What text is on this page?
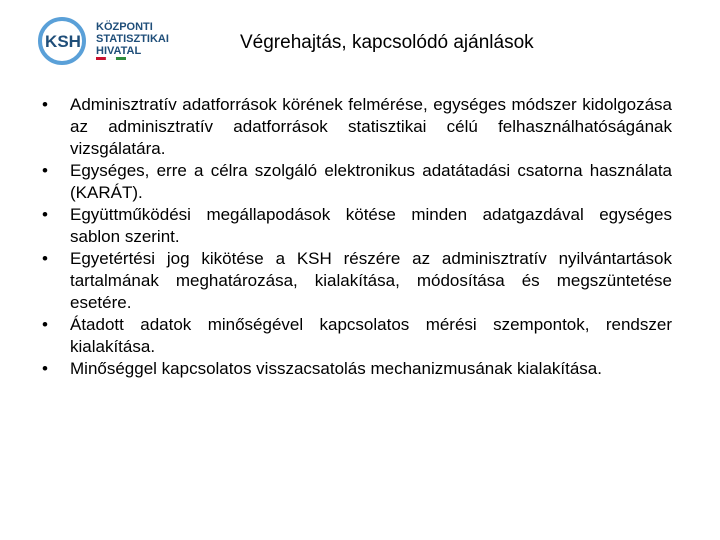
KSH
KÖZPONTI
STATISZTIKAI
HIVATAL	Végrehajtás, kapcsolódó ajánlások
•	Adminisztratív adatforrások körének felmérése, egységes módszer kidolgozása az adminisztratív adatforrások statisztikai célú felhasználhatóságának vizsgálatára.
•	Egységes, erre a célra szolgáló elektronikus adatátadási csatorna használata (KARÁT).
•	Együttműködési megállapodások kötése minden adatgazdával egységes sablon szerint.
•	Egyetértési jog kikötése a KSH részére az adminisztratív nyilvántartások tartalmának meghatározása, kialakítása, módosítása és megszüntetése esetére.
•	Átadott adatok minőségével kapcsolatos mérési szempontok, rendszer kialakítása.
•	Minőséggel kapcsolatos visszacsatolás mechanizmusának kialakítása.
